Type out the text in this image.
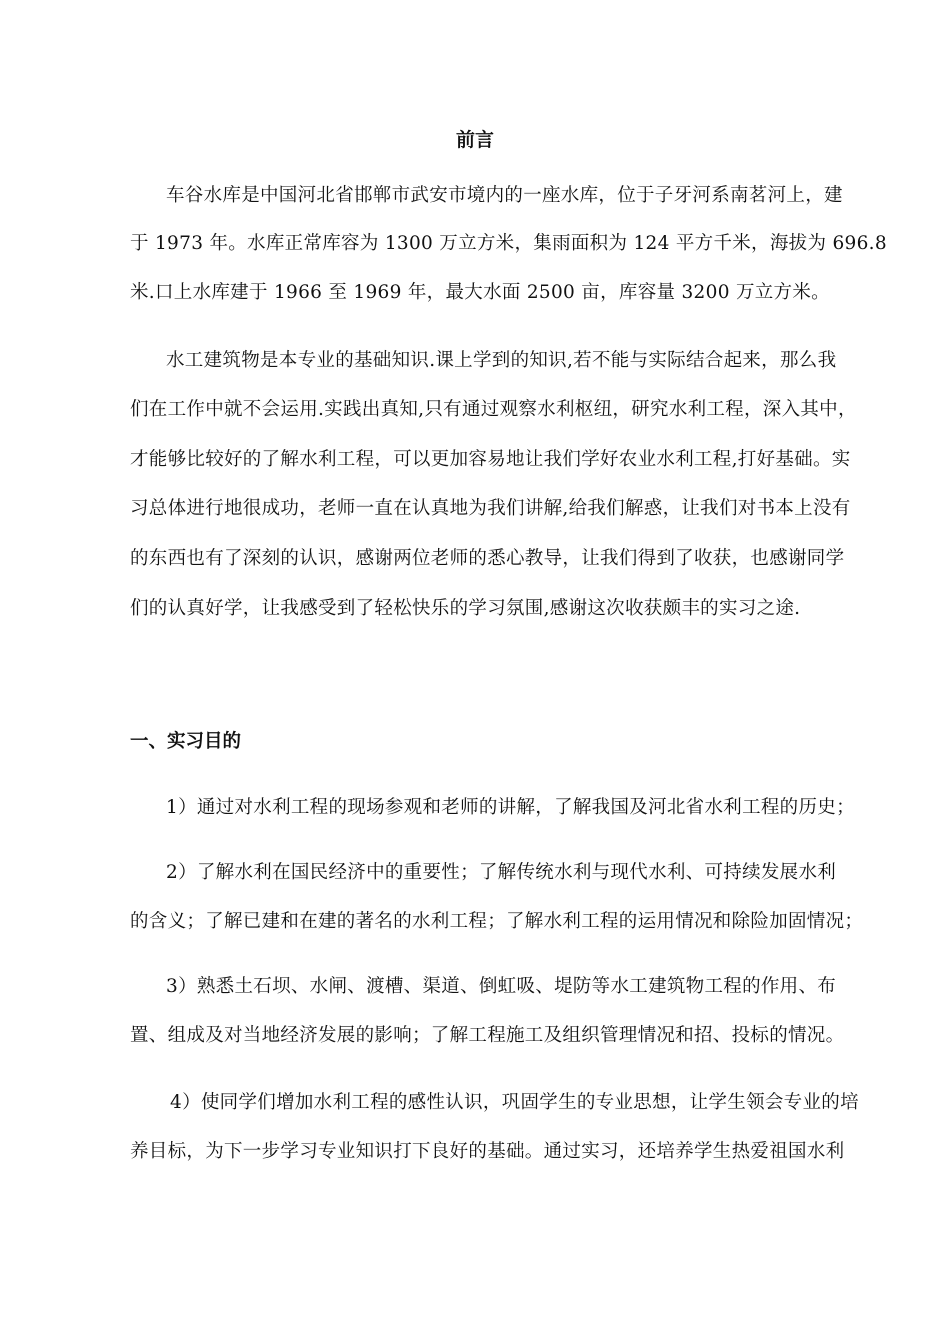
前言
车谷水库是中国河北省邯郸市武安市境内的一座水库，位于子牙河系南茗河上，建
于 1973 年。水库正常库容为 1300 万立方米，集雨面积为 124 平方千米，海拔为 696.8
米.口上水库建于 1966 至 1969 年，最大水面 2500 亩，库容量 3200 万立方米。
水工建筑物是本专业的基础知识.课上学到的知识,若不能与实际结合起来，那么我
们在工作中就不会运用.实践出真知,只有通过观察水利枢纽，研究水利工程，深入其中，
才能够比较好的了解水利工程，可以更加容易地让我们学好农业水利工程,打好基础。实
习总体进行地很成功，老师一直在认真地为我们讲解,给我们解惑，让我们对书本上没有
的东西也有了深刻的认识，感谢两位老师的悉心教导，让我们得到了收获，也感谢同学
们的认真好学，让我感受到了轻松快乐的学习氛围,感谢这次收获颇丰的实习之途.
一、实习目的
1）通过对水利工程的现场参观和老师的讲解，了解我国及河北省水利工程的历史；
2）了解水利在国民经济中的重要性；了解传统水利与现代水利、可持续发展水利
的含义；了解已建和在建的著名的水利工程；了解水利工程的运用情况和除险加固情况；
3）熟悉土石坝、水闸、渡槽、渠道、倒虹吸、堤防等水工建筑物工程的作用、布
置、组成及对当地经济发展的影响；了解工程施工及组织管理情况和招、投标的情况。
4）使同学们增加水利工程的感性认识，巩固学生的专业思想，让学生领会专业的培
养目标，为下一步学习专业知识打下良好的基础。通过实习，还培养学生热爱祖国水利
